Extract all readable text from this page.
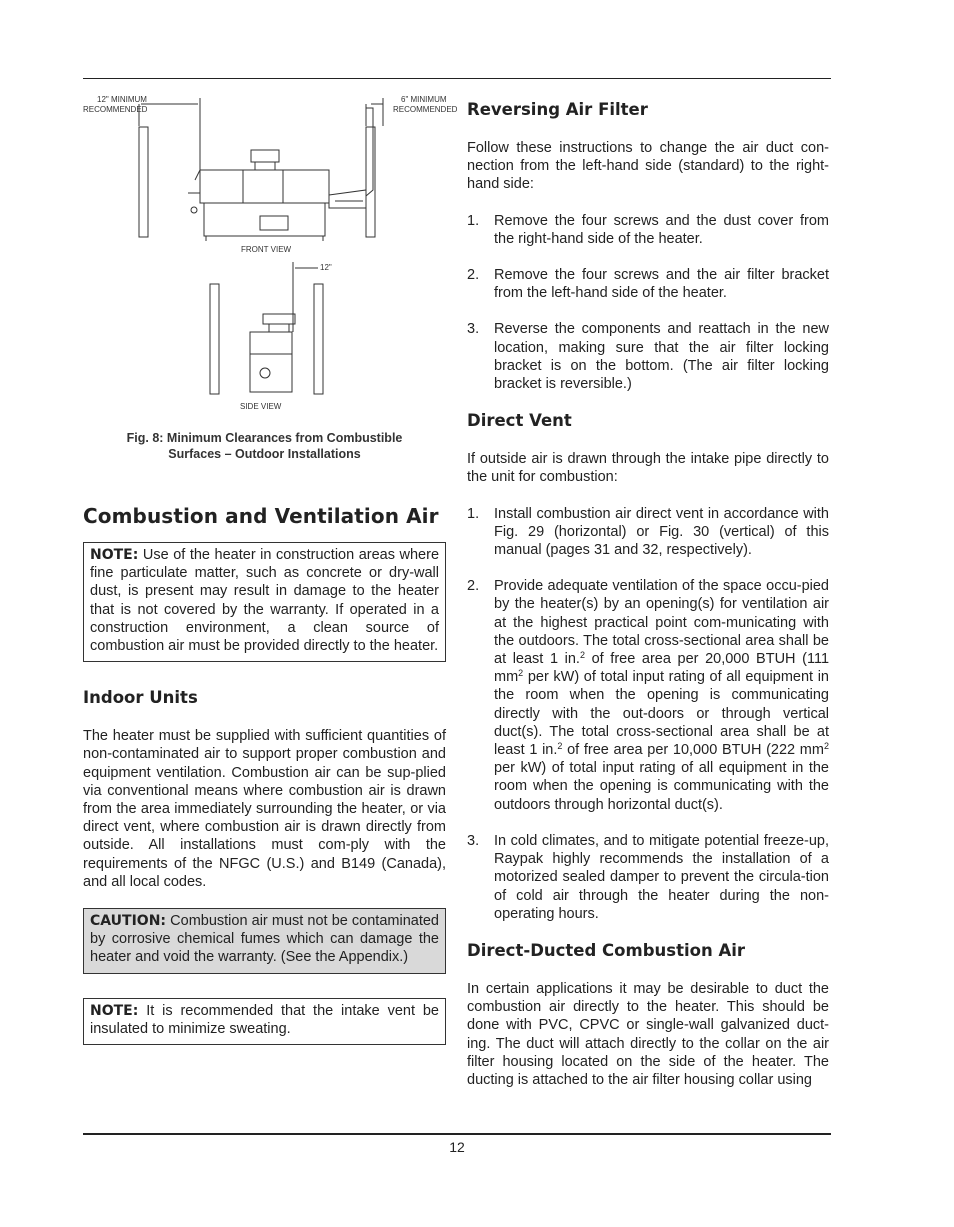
12" MINIMUM
RECOMMENDED
6" MINIMUM
RECOMMENDED
FRONT VIEW
12"
SIDE VIEW
Fig. 8: Minimum Clearances from Combustible
Surfaces – Outdoor Installations
Combustion and Ventilation Air
NOTE: Use of the heater in construction areas where fine particulate matter, such as concrete or dry-wall dust, is present may result in damage to the heater that is not covered by the warranty. If operated in a construction environment, a clean source of combustion air must be provided directly to the heater.
Indoor Units

The heater must be supplied with sufficient quantities of non-contaminated air to support proper combustion and equipment ventilation. Combustion air can be sup-plied via conventional means where combustion air is drawn from the area immediately surrounding the heater, or via direct vent, where combustion air is drawn directly from outside. All installations must com-ply with the requirements of the NFGC (U.S.) and B149 (Canada), and all local codes.

CAUTION: Combustion air must not be contaminated by corrosive chemical fumes which can damage the heater and void the warranty. (See the Appendix.)
NOTE: It is recommended that the intake vent be insulated to minimize sweating.
Reversing Air Filter

Follow these instructions to change the air duct con-nection from the left-hand side (standard) to the right-hand side:

1. Remove the four screws and the dust cover from the right-hand side of the heater.
2. Remove the four screws and the air filter bracket from the left-hand side of the heater.
3. Reverse the components and reattach in the new location, making sure that the air filter locking bracket is on the bottom. (The air filter locking bracket is reversible.)
Direct Vent

If outside air is drawn through the intake pipe directly to the unit for combustion:

1. Install combustion air direct vent in accordance with Fig. 29 (horizontal) or Fig. 30 (vertical) of this manual (pages 31 and 32, respectively).
2. Provide adequate ventilation of the space occu-pied by the heater(s) by an opening(s) for ventilation air at the highest practical point com-municating with the outdoors. The total cross-sectional area shall be at least 1 in.$^2$ of free area per 20,000 BTUH (111 $mm^2$ per kW) of total input rating of all equipment in the room when the opening is communicating directly with the out-doors or through vertical duct(s). The total cross-sectional area shall be at least 1 in.$^2$ of free area per 10,000 BTUH (222 $mm^2$ per kW) of total input rating of all equipment in the room when the opening is communicating with the outdoors through horizontal duct(s).
3. In cold climates, and to mitigate potential freeze-up, Raypak highly recommends the installation of a motorized sealed damper to prevent the circula-tion of cold air through the heater during the non-operating hours.
Direct-Ducted Combustion Air

In certain applications it may be desirable to duct the combustion air directly to the heater. This should be done with PVC, CPVC or single-wall galvanized duct-ing. The duct will attach directly to the collar on the air filter housing located on the side of the heater. The ducting is attached to the air filter housing collar using

12
